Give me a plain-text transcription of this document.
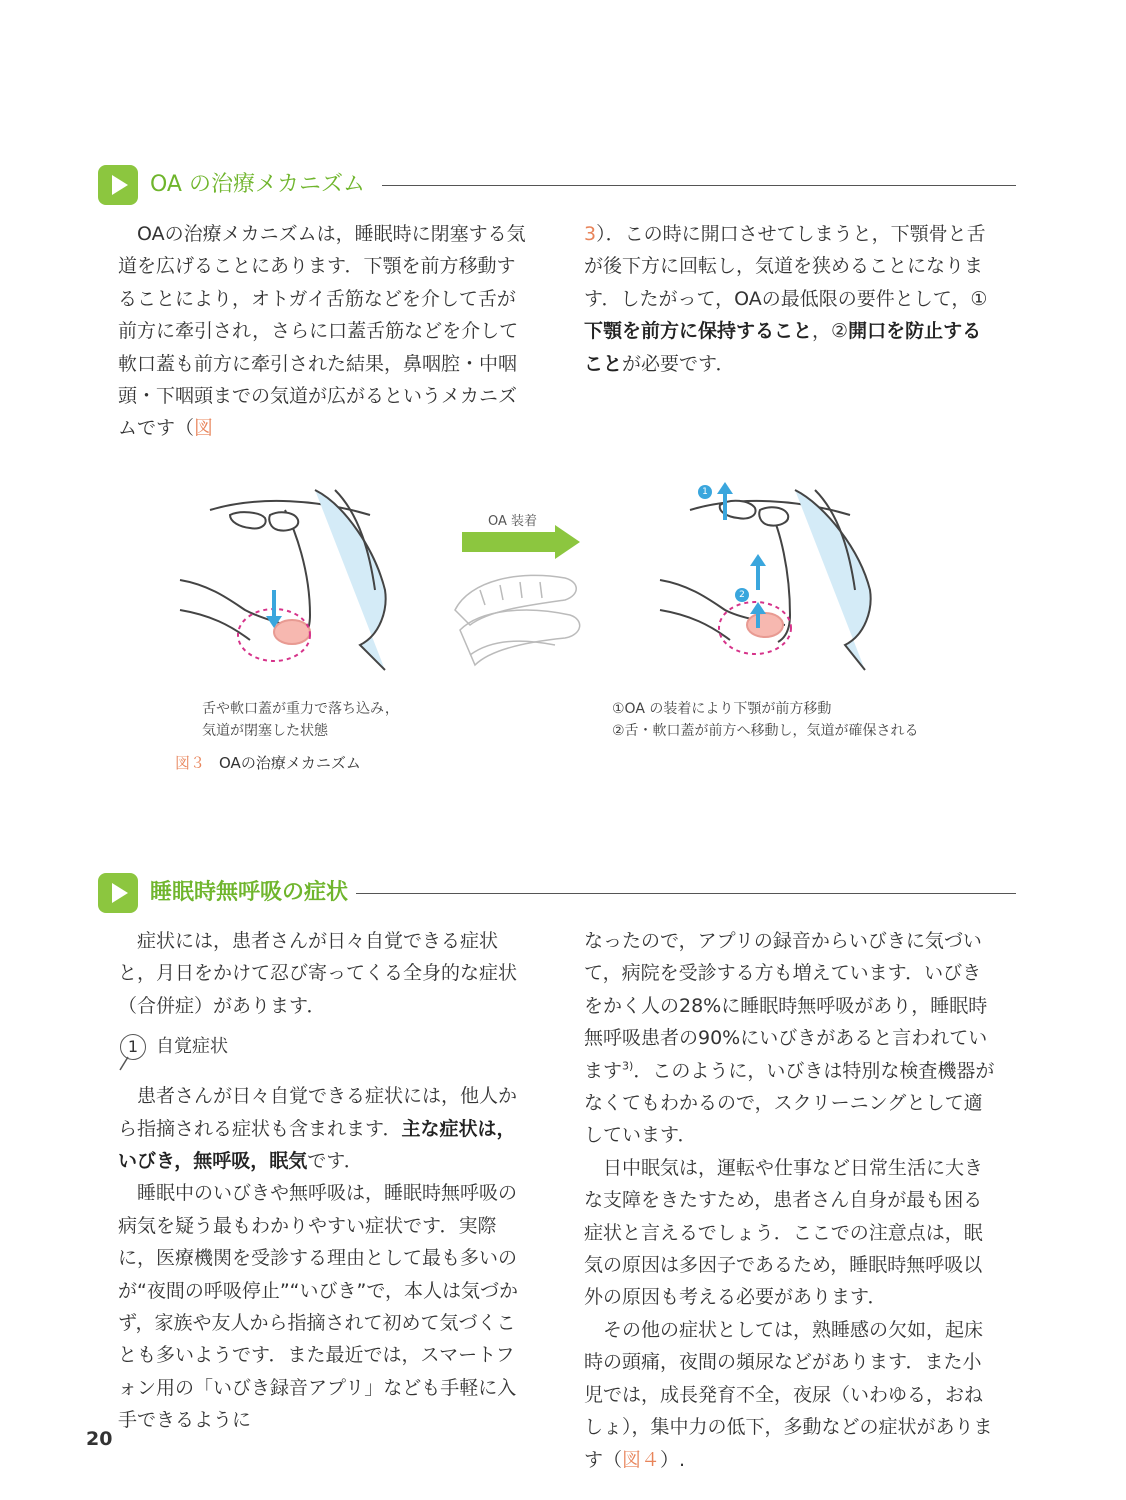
OA の治療メカニズム

OAの治療メカニズムは，睡眠時に閉塞する気道を広げることにあります．下顎を前方移動することにより，オトガイ舌筋などを介して舌が前方に牽引され，さらに口蓋舌筋などを介して軟口蓋も前方に牽引された結果，鼻咽腔・中咽頭・下咽頭までの気道が広がるというメカニズムです（図

3）．この時に開口させてしまうと，下顎骨と舌が後下方に回転し，気道を狭めることになります．したがって，OAの最低限の要件として，①下顎を前方に保持すること，②開口を防止することが必要です．

1
2
OA 装着
舌や軟口蓋が重力で落ち込み，
気道が閉塞した状態
①OA の装着により下顎が前方移動
②舌・軟口蓋が前方へ移動し，気道が確保される
図３ OAの治療メカニズム
睡眠時無呼吸の症状

症状には，患者さんが日々自覚できる症状と，月日をかけて忍び寄ってくる全身的な症状（合併症）があります．

1 自覚症状

患者さんが日々自覚できる症状には，他人から指摘される症状も含まれます．主な症状は，いびき，無呼吸，眠気です．

睡眠中のいびきや無呼吸は，睡眠時無呼吸の病気を疑う最もわかりやすい症状です．実際に，医療機関を受診する理由として最も多いのが“夜間の呼吸停止”“いびき”で，本人は気づかず，家族や友人から指摘されて初めて気づくことも多いようです．また最近では，スマートフォン用の「いびき録音アプリ」なども手軽に入手できるように

なったので，アプリの録音からいびきに気づいて，病院を受診する方も増えています．いびきをかく人の28%に睡眠時無呼吸があり，睡眠時無呼吸患者の90%にいびきがあると言われています$^{3)}$．このように，いびきは特別な検査機器がなくてもわかるので，スクリーニングとして適しています．

日中眠気は，運転や仕事など日常生活に大きな支障をきたすため，患者さん自身が最も困る症状と言えるでしょう．ここでの注意点は，眠気の原因は多因子であるため，睡眠時無呼吸以外の原因も考える必要があります．

その他の症状としては，熟睡感の欠如，起床時の頭痛，夜間の頻尿などがあります．また小児では，成長発育不全，夜尿（いわゆる，おねしょ），集中力の低下，多動などの症状があります（図４）.

20
